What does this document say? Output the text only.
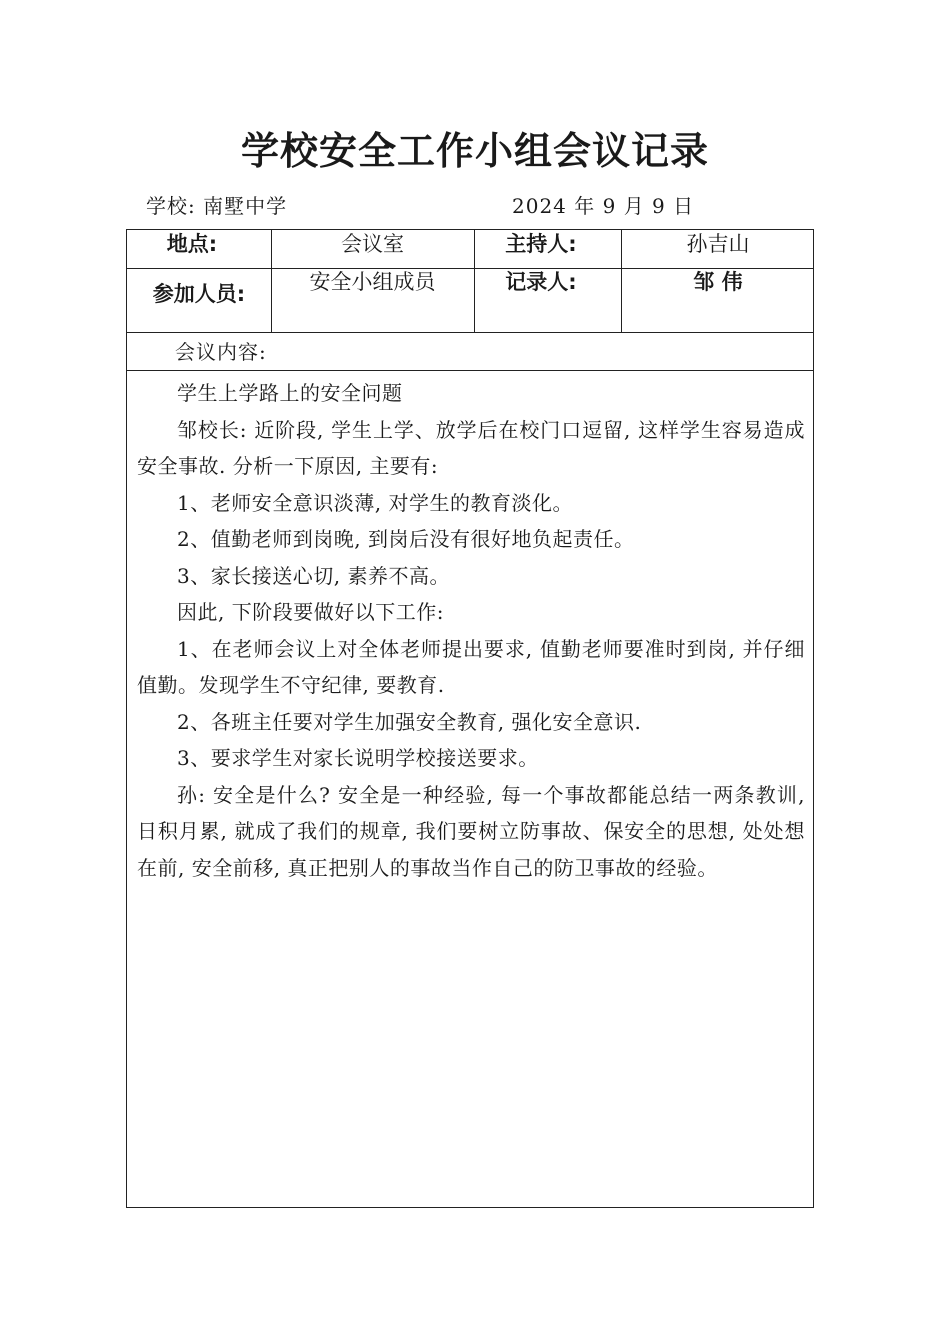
学校安全工作小组会议记录
学校: 南墅中学	2024 年 9 月 9 日
地点:	会议室	主持人:	孙吉山
参加人员:	安全小组成员	记录人:	邹 伟
会议内容:

学生上学路上的安全问题

邹校长: 近阶段, 学生上学、放学后在校门口逗留, 这样学生容易造成安全事故. 分析一下原因, 主要有:

1、老师安全意识淡薄, 对学生的教育淡化。

2、值勤老师到岗晚, 到岗后没有很好地负起责任。

3、家长接送心切, 素养不高。

因此, 下阶段要做好以下工作:

1、在老师会议上对全体老师提出要求, 值勤老师要准时到岗, 并仔细值勤。发现学生不守纪律, 要教育.

2、各班主任要对学生加强安全教育, 强化安全意识.

3、要求学生对家长说明学校接送要求。

孙: 安全是什么? 安全是一种经验, 每一个事故都能总结一两条教训, 日积月累, 就成了我们的规章, 我们要树立防事故、保安全的思想, 处处想在前, 安全前移, 真正把别人的事故当作自己的防卫事故的经验。
